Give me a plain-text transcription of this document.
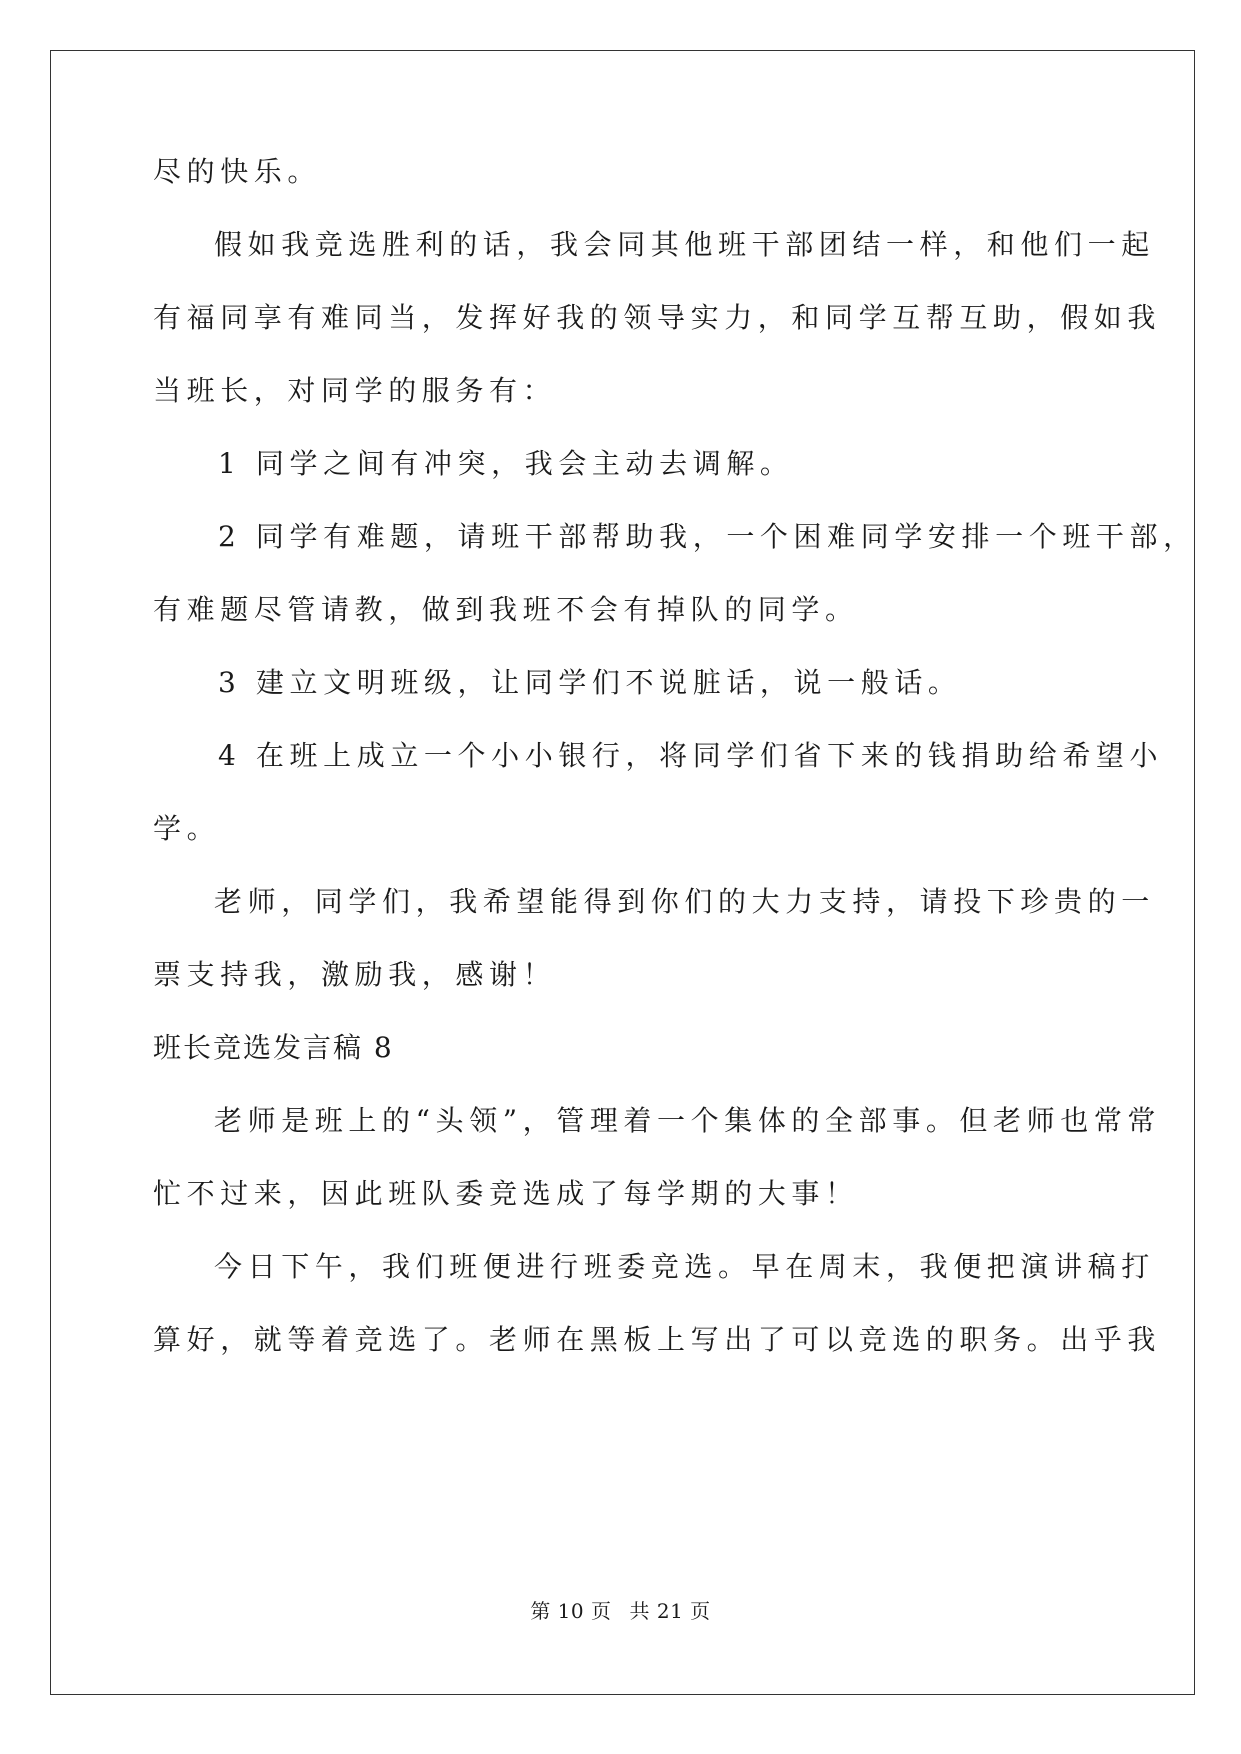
尽的快乐。
假如我竞选胜利的话，我会同其他班干部团结一样，和他们一起
有福同享有难同当，发挥好我的领导实力，和同学互帮互助，假如我
当班长，对同学的服务有：
1 同学之间有冲突，我会主动去调解。
2 同学有难题，请班干部帮助我，一个困难同学安排一个班干部，
有难题尽管请教，做到我班不会有掉队的同学。
3 建立文明班级，让同学们不说脏话，说一般话。
4 在班上成立一个小小银行，将同学们省下来的钱捐助给希望小
学。
老师，同学们，我希望能得到你们的大力支持，请投下珍贵的一
票支持我，激励我，感谢！
班长竞选发言稿 8
老师是班上的“头领”，管理着一个集体的全部事。但老师也常常
忙不过来，因此班队委竞选成了每学期的大事！
今日下午，我们班便进行班委竞选。早在周末，我便把演讲稿打
算好，就等着竞选了。老师在黑板上写出了可以竞选的职务。出乎我
第 10 页 共 21 页
